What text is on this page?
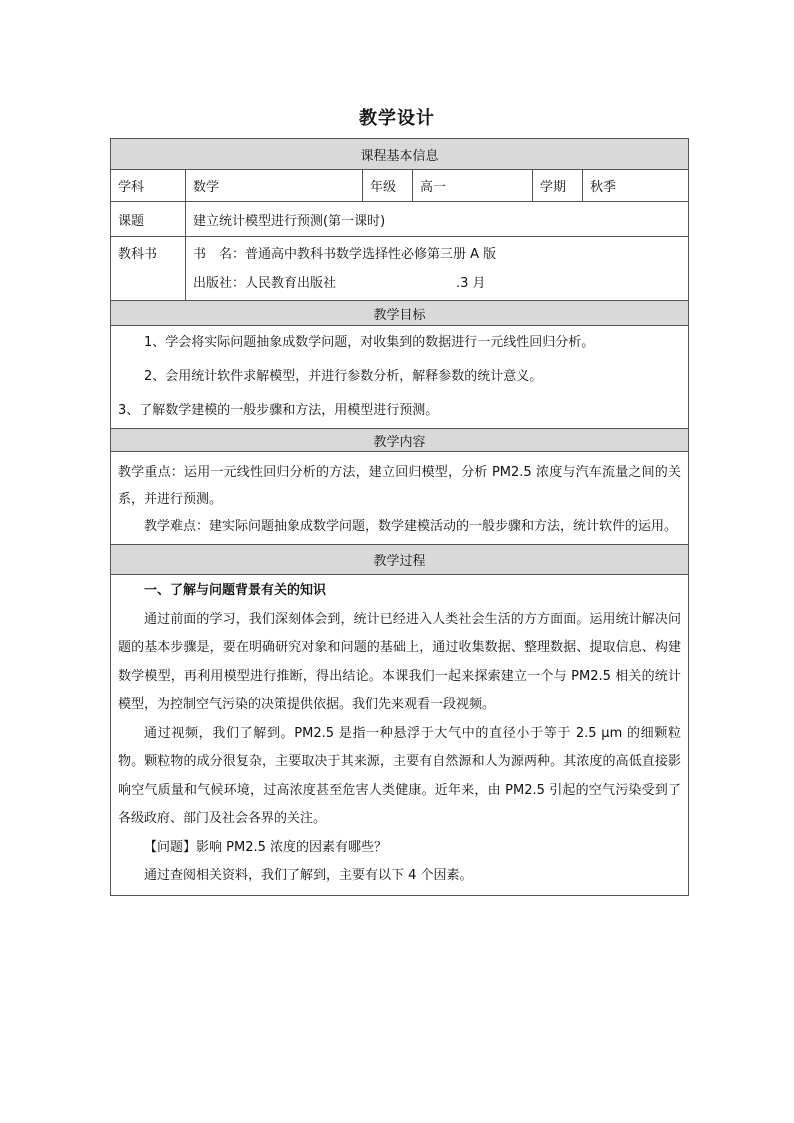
教学设计
课程基本信息					
学科	数学	年级	高一	学期	秋季
课题	建立统计模型进行预测(第一课时)				
教科书	书　名：普通高中教科书数学选择性必修第三册 A 版
出版社：人民教育出版社 .3 月				

教学目标					

1、学会将实际问题抽象成数学问题，对收集到的数据进行一元线性回归分析。

2、会用统计软件求解模型，并进行参数分析，解释参数的统计意义。

3、了解数学建模的一般步骤和方法，用模型进行预测。					

教学内容					

教学重点：运用一元线性回归分析的方法，建立回归模型，分析 PM2.5 浓度与汽车流量之间的关系，并进行预测。

教学难点：建实际问题抽象成数学问题，数学建模活动的一般步骤和方法，统计软件的运用。					

教学过程					

一、了解与问题背景有关的知识

通过前面的学习，我们深刻体会到，统计已经进入人类社会生活的方方面面。运用统计解决问题的基本步骤是，要在明确研究对象和问题的基础上，通过收集数据、整理数据、提取信息、构建数学模型，再利用模型进行推断，得出结论。本课我们一起来探索建立一个与 PM2.5 相关的统计模型，为控制空气污染的决策提供依据。我们先来观看一段视频。

通过视频，我们了解到。PM2.5 是指一种悬浮于大气中的直径小于等于 2.5 μm 的细颗粒物。颗粒物的成分很复杂，主要取决于其来源，主要有自然源和人为源两种。其浓度的高低直接影响空气质量和气候环境，过高浓度甚至危害人类健康。近年来，由 PM2.5 引起的空气污染受到了各级政府、部门及社会各界的关注。

【问题】影响 PM2.5 浓度的因素有哪些？

通过查阅相关资料，我们了解到，主要有以下 4 个因素。					
